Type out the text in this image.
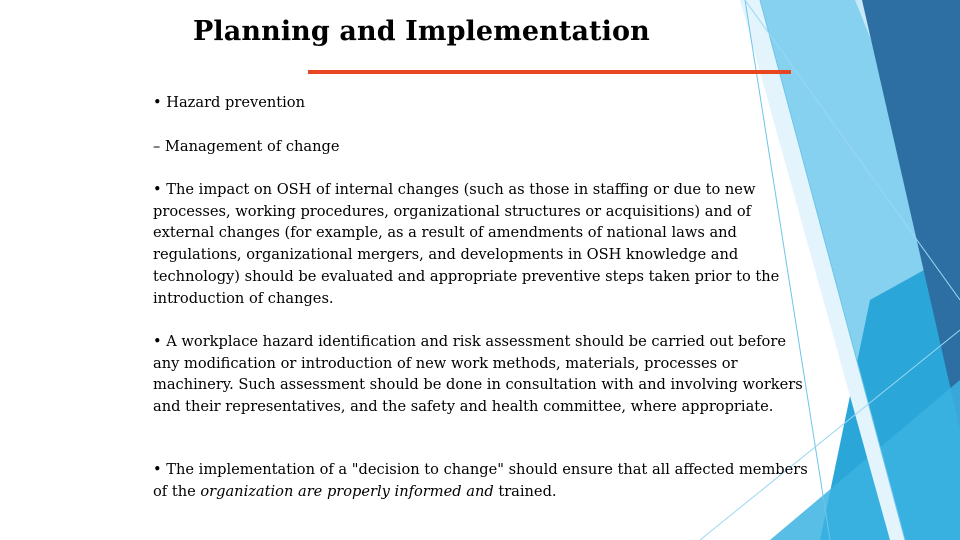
Planning and Implementation
• Hazard prevention
– Management of change
• The impact on OSH of internal changes (such as those in staffing or due to new processes, working procedures, organizational structures or acquisitions) and of external changes (for example, as a result of amendments of national laws and regulations, organizational mergers, and developments in OSH knowledge and technology) should be evaluated and appropriate preventive steps taken prior to the introduction of changes.
• A workplace hazard identification and risk assessment should be carried out before any modification or introduction of new work methods, materials, processes or machinery. Such assessment should be done in consultation with and involving workers and their representatives, and the safety and health committee, where appropriate.
• The implementation of a "decision to change" should ensure that all affected members of the organization are properly informed and trained.
